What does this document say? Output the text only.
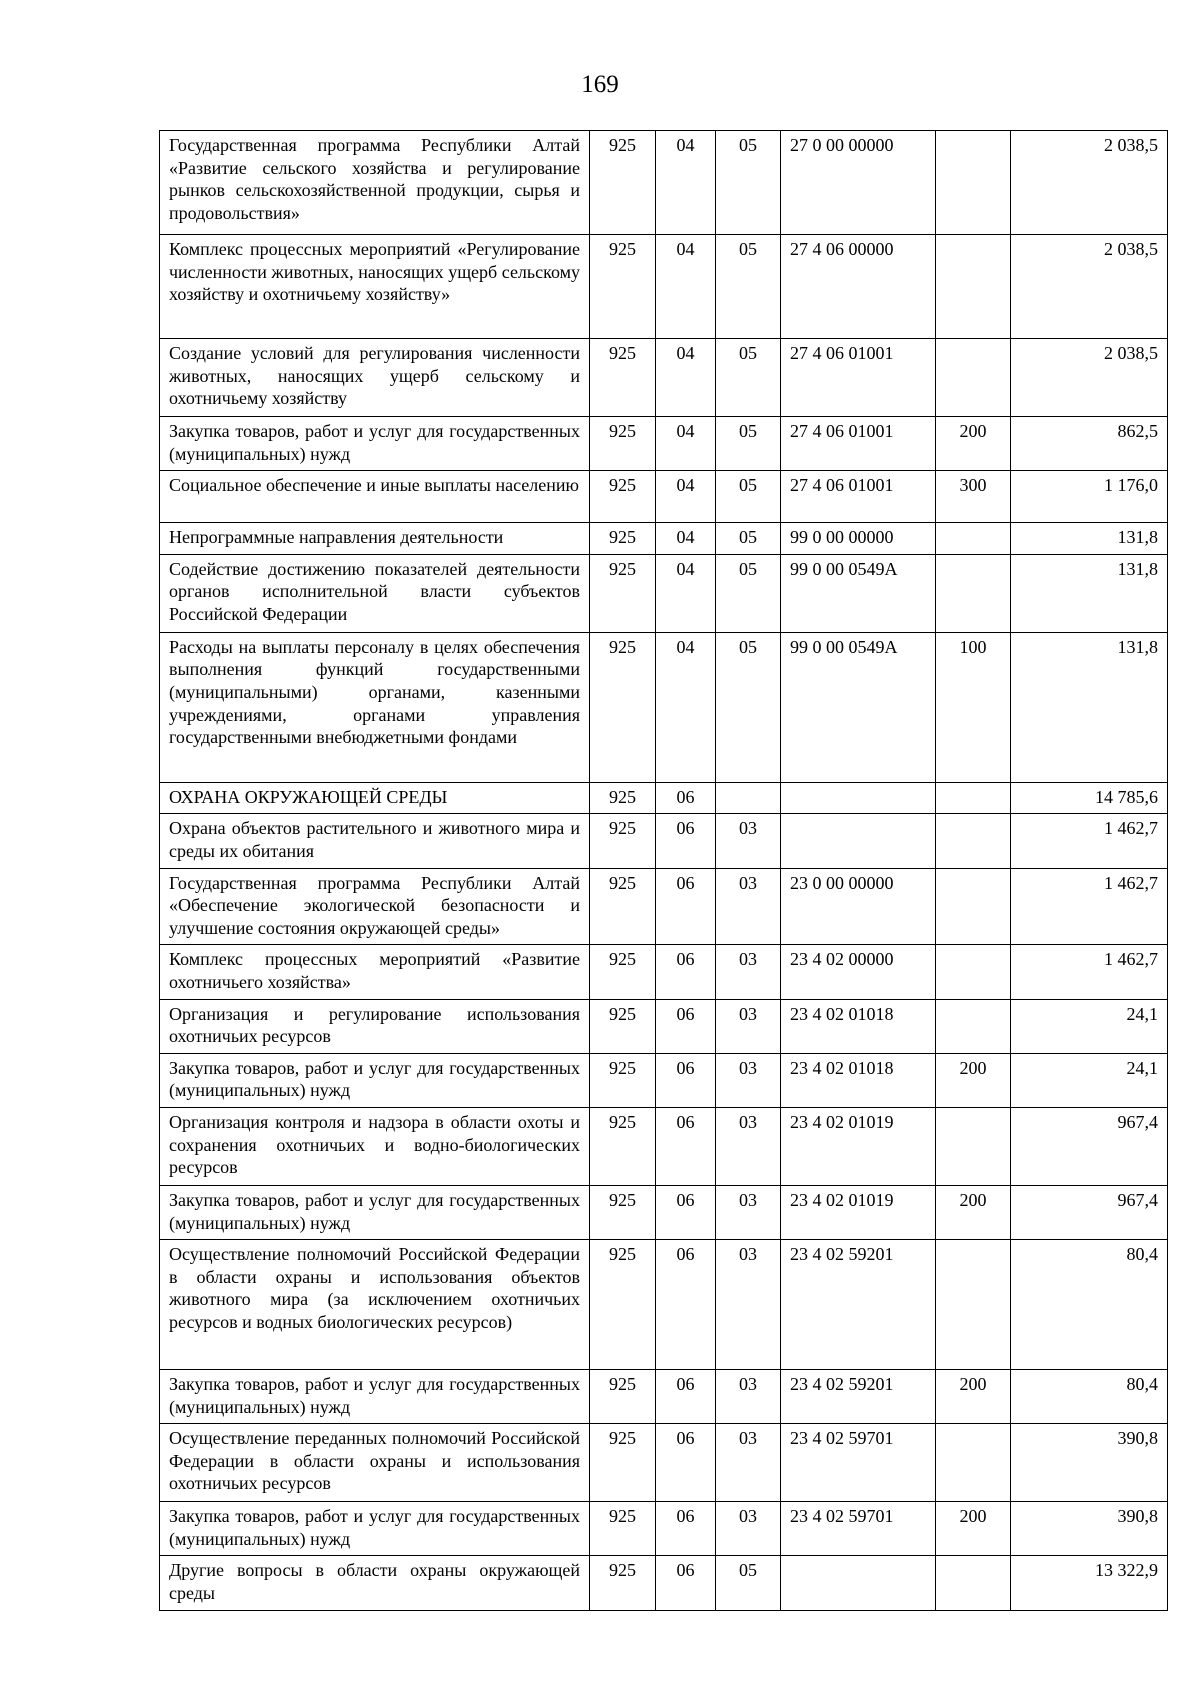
169
Государственная программа Республики Алтай «Развитие сельского хозяйства и регулирование рынков сельскохозяйственной продукции, сырья и продовольствия»	925	04	05	27 0 00 00000		2 038,5
Комплекс процессных мероприятий «Регулирование численности животных, наносящих ущерб сельскому хозяйству и охотничьему хозяйству»	925	04	05	27 4 06 00000		2 038,5
Создание условий для регулирования численности животных, наносящих ущерб сельскому и охотничьему хозяйству	925	04	05	27 4 06 01001		2 038,5
Закупка товаров, работ и услуг для государственных (муниципальных) нужд	925	04	05	27 4 06 01001	200	862,5
Социальное обеспечение и иные выплаты населению	925	04	05	27 4 06 01001	300	1 176,0
Непрограммные направления деятельности	925	04	05	99 0 00 00000		131,8
Содействие достижению показателей деятельности органов исполнительной власти субъектов Российской Федерации	925	04	05	99 0 00 0549А		131,8
Расходы на выплаты персоналу в целях обеспечения выполнения функций государственными (муниципальными) органами, казенными учреждениями, органами управления государственными внебюджетными фондами	925	04	05	99 0 00 0549А	100	131,8
ОХРАНА ОКРУЖАЮЩЕЙ СРЕДЫ	925	06				14 785,6
Охрана объектов растительного и животного мира и среды их обитания	925	06	03			1 462,7
Государственная программа Республики Алтай «Обеспечение экологической безопасности и улучшение состояния окружающей среды»	925	06	03	23 0 00 00000		1 462,7
Комплекс процессных мероприятий «Развитие охотничьего хозяйства»	925	06	03	23 4 02 00000		1 462,7
Организация и регулирование использования охотничьих ресурсов	925	06	03	23 4 02 01018		24,1
Закупка товаров, работ и услуг для государственных (муниципальных) нужд	925	06	03	23 4 02 01018	200	24,1
Организация контроля и надзора в области охоты и сохранения охотничьих и водно-биологических ресурсов	925	06	03	23 4 02 01019		967,4
Закупка товаров, работ и услуг для государственных (муниципальных) нужд	925	06	03	23 4 02 01019	200	967,4
Осуществление полномочий Российской Федерации в области охраны и использования объектов животного мира (за исключением охотничьих ресурсов и водных биологических ресурсов)	925	06	03	23 4 02 59201		80,4
Закупка товаров, работ и услуг для государственных (муниципальных) нужд	925	06	03	23 4 02 59201	200	80,4
Осуществление переданных полномочий Российской Федерации в области охраны и использования охотничьих ресурсов	925	06	03	23 4 02 59701		390,8
Закупка товаров, работ и услуг для государственных (муниципальных) нужд	925	06	03	23 4 02 59701	200	390,8
Другие вопросы в области охраны окружающей среды	925	06	05			13 322,9
